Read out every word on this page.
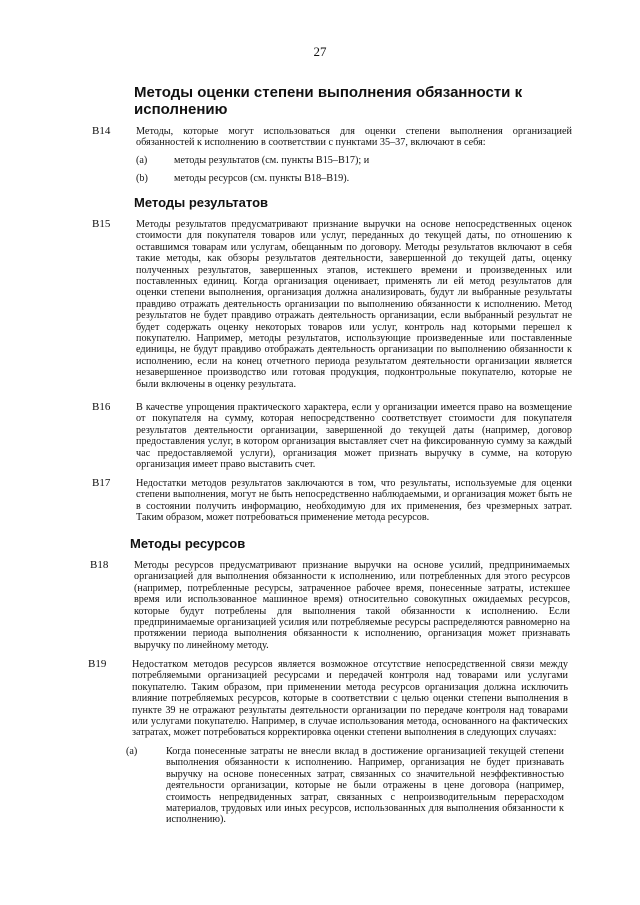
27
Методы оценки степени выполнения обязанности к исполнению
B14	Методы, которые могут использоваться для оценки степени выполнения организацией обязанностей к исполнению в соответствии с пунктами 35–37, включают в себя:
(a)	методы результатов (см. пункты B15–B17); и
(b)	методы ресурсов (см. пункты B18–B19).
Методы результатов
B15	Методы результатов предусматривают признание выручки на основе непосредственных оценок стоимости для покупателя товаров или услуг, переданных до текущей даты, по отношению к оставшимся товарам или услугам, обещанным по договору. Методы результатов включают в себя такие методы, как обзоры результатов деятельности, завершенной до текущей даты, оценку полученных результатов, завершенных этапов, истекшего времени и произведенных или поставленных единиц. Когда организация оценивает, применять ли ей метод результатов для оценки степени выполнения, организация должна анализировать, будут ли выбранные результаты правдиво отражать деятельность организации по выполнению обязанности к исполнению. Метод результатов не будет правдиво отражать деятельность организации, если выбранный результат не будет содержать оценку некоторых товаров или услуг, контроль над которыми перешел к покупателю. Например, методы результатов, использующие произведенные или поставленные единицы, не будут правдиво отображать деятельность организации по выполнению обязанности к исполнению, если на конец отчетного периода результатом деятельности организации является незавершенное производство или готовая продукция, подконтрольные покупателю, которые не были включены в оценку результата.
B16	В качестве упрощения практического характера, если у организации имеется право на возмещение от покупателя на сумму, которая непосредственно соответствует стоимости для покупателя результатов деятельности организации, завершенной до текущей даты (например, договор предоставления услуг, в котором организация выставляет счет на фиксированную сумму за каждый час предоставляемой услуги), организация может признать выручку в сумме, на которую организация имеет право выставить счет.
B17	Недостатки методов результатов заключаются в том, что результаты, используемые для оценки степени выполнения, могут не быть непосредственно наблюдаемыми, и организация может быть не в состоянии получить информацию, необходимую для их применения, без чрезмерных затрат. Таким образом, может потребоваться применение метода ресурсов.
Методы ресурсов
B18	Методы ресурсов предусматривают признание выручки на основе усилий, предпринимаемых организацией для выполнения обязанности к исполнению, или потребленных для этого ресурсов (например, потребленные ресурсы, затраченное рабочее время, понесенные затраты, истекшее время или использованное машинное время) относительно совокупных ожидаемых ресурсов, которые будут потреблены для выполнения такой обязанности к исполнению. Если предпринимаемые организацией усилия или потребляемые ресурсы распределяются равномерно на протяжении периода выполнения обязанности к исполнению, организация может признавать выручку по линейному методу.
B19	Недостатком методов ресурсов является возможное отсутствие непосредственной связи между потребляемыми организацией ресурсами и передачей контроля над товарами или услугами покупателю. Таким образом, при применении метода ресурсов организация должна исключить влияние потребляемых ресурсов, которые в соответствии с целью оценки степени выполнения в пункте 39 не отражают результаты деятельности организации по передаче контроля над товарами или услугами покупателю. Например, в случае использования метода, основанного на фактических затратах, может потребоваться корректировка оценки степени выполнения в следующих случаях:
(a)	Когда понесенные затраты не внесли вклад в достижение организацией текущей степени выполнения обязанности к исполнению. Например, организация не будет признавать выручку на основе понесенных затрат, связанных со значительной неэффективностью деятельности организации, которые не были отражены в цене договора (например, стоимость непредвиденных затрат, связанных с непроизводительным перерасходом материалов, трудовых или иных ресурсов, использованных для выполнения обязанности к исполнению).
